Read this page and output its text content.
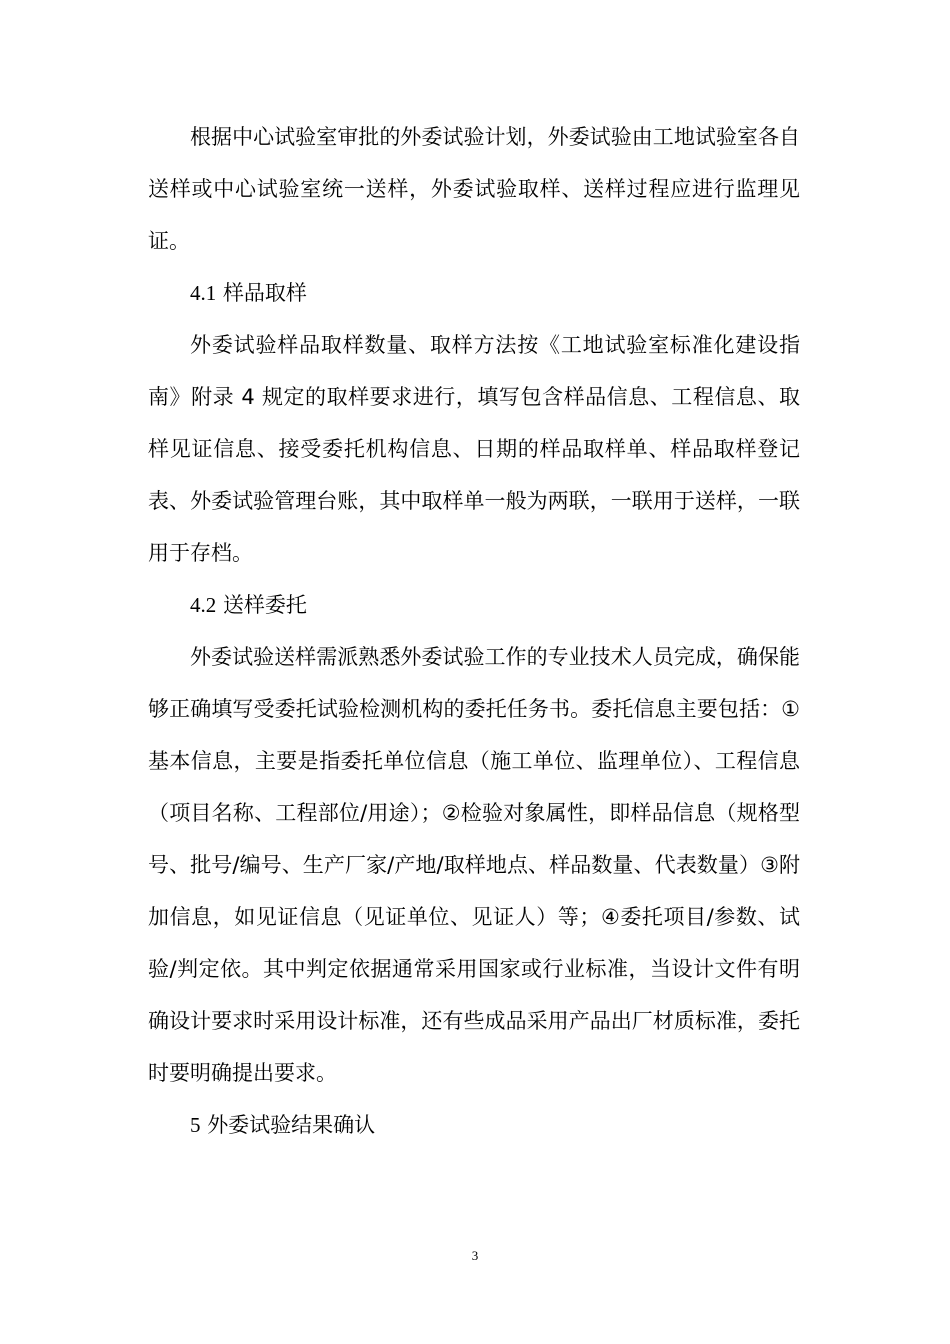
根据中心试验室审批的外委试验计划，外委试验由工地试验室各自送样或中心试验室统一送样，外委试验取样、送样过程应进行监理见证。

4.1 样品取样

外委试验样品取样数量、取样方法按《工地试验室标准化建设指南》附录 4 规定的取样要求进行，填写包含样品信息、工程信息、取样见证信息、接受委托机构信息、日期的样品取样单、样品取样登记表、外委试验管理台账，其中取样单一般为两联，一联用于送样，一联用于存档。

4.2 送样委托

外委试验送样需派熟悉外委试验工作的专业技术人员完成，确保能够正确填写受委托试验检测机构的委托任务书。委托信息主要包括：①基本信息，主要是指委托单位信息（施工单位、监理单位）、工程信息（项目名称、工程部位/用途）；②检验对象属性，即样品信息（规格型号、批号/编号、生产厂家/产地/取样地点、样品数量、代表数量）③附加信息，如见证信息（见证单位、见证人）等；④委托项目/参数、试验/判定依。其中判定依据通常采用国家或行业标准，当设计文件有明确设计要求时采用设计标准，还有些成品采用产品出厂材质标准，委托时要明确提出要求。

5 外委试验结果确认

3
